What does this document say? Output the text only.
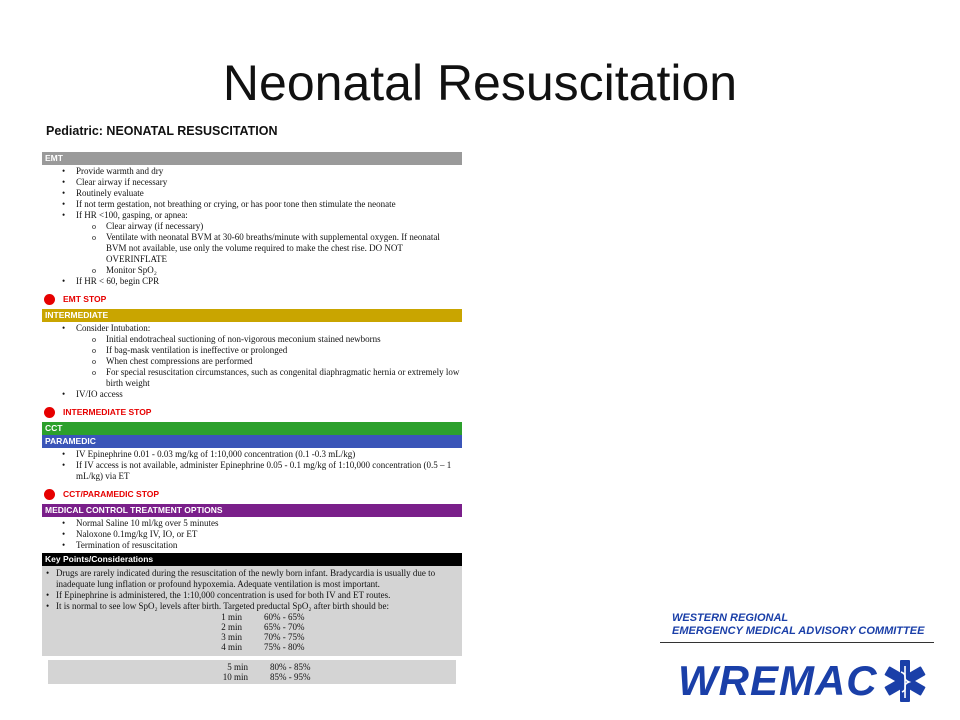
Neonatal Resuscitation
Pediatric: NEONATAL RESUSCITATION
EMT
• Provide warmth and dry
• Clear airway if necessary
• Routinely evaluate
• If not term gestation, not breathing or crying, or has poor tone then stimulate the neonate
• If HR <100, gasping, or apnea:
o Clear airway (if necessary)
o Ventilate with neonatal BVM at 30-60 breaths/minute with supplemental oxygen. If neonatal BVM not available, use only the volume required to make the chest rise. DO NOT OVERINFLATE
o Monitor SpO₂
• If HR < 60, begin CPR
EMT STOP
INTERMEDIATE
• Consider Intubation:
o Initial endotracheal suctioning of non-vigorous meconium stained newborns
o If bag-mask ventilation is ineffective or prolonged
o When chest compressions are performed
o For special resuscitation circumstances, such as congenital diaphragmatic hernia or extremely low birth weight
• IV/IO access
INTERMEDIATE STOP
CCT
PARAMEDIC
• IV Epinephrine 0.01 - 0.03 mg/kg of 1:10,000 concentration (0.1 -0.3 mL/kg)
• If IV access is not available, administer Epinephrine 0.05 - 0.1 mg/kg of 1:10,000 concentration (0.5 – 1 mL/kg) via ET
CCT/PARAMEDIC STOP
MEDICAL CONTROL TREATMENT OPTIONS
• Normal Saline 10 ml/kg over 5 minutes
• Naloxone 0.1mg/kg IV, IO, or ET
• Termination of resuscitation
Key Points/Considerations
• Drugs are rarely indicated during the resuscitation of the newly born infant. Bradycardia is usually due to inadequate lung inflation or profound hypoxemia. Adequate ventilation is most important.
• If Epinephrine is administered, the 1:10,000 concentration is used for both IV and ET routes.
• It is normal to see low SpO₂ levels after birth. Targeted preductal SpO₂ after birth should be:
1 min	60% - 65%
2 min	65% - 70%
3 min	70% - 75%
4 min	75% - 80%
5 min	80% - 85%
10 min	85% - 95%
WESTERN REGIONAL
EMERGENCY MEDICAL ADVISORY COMMITTEE
WREMAC
